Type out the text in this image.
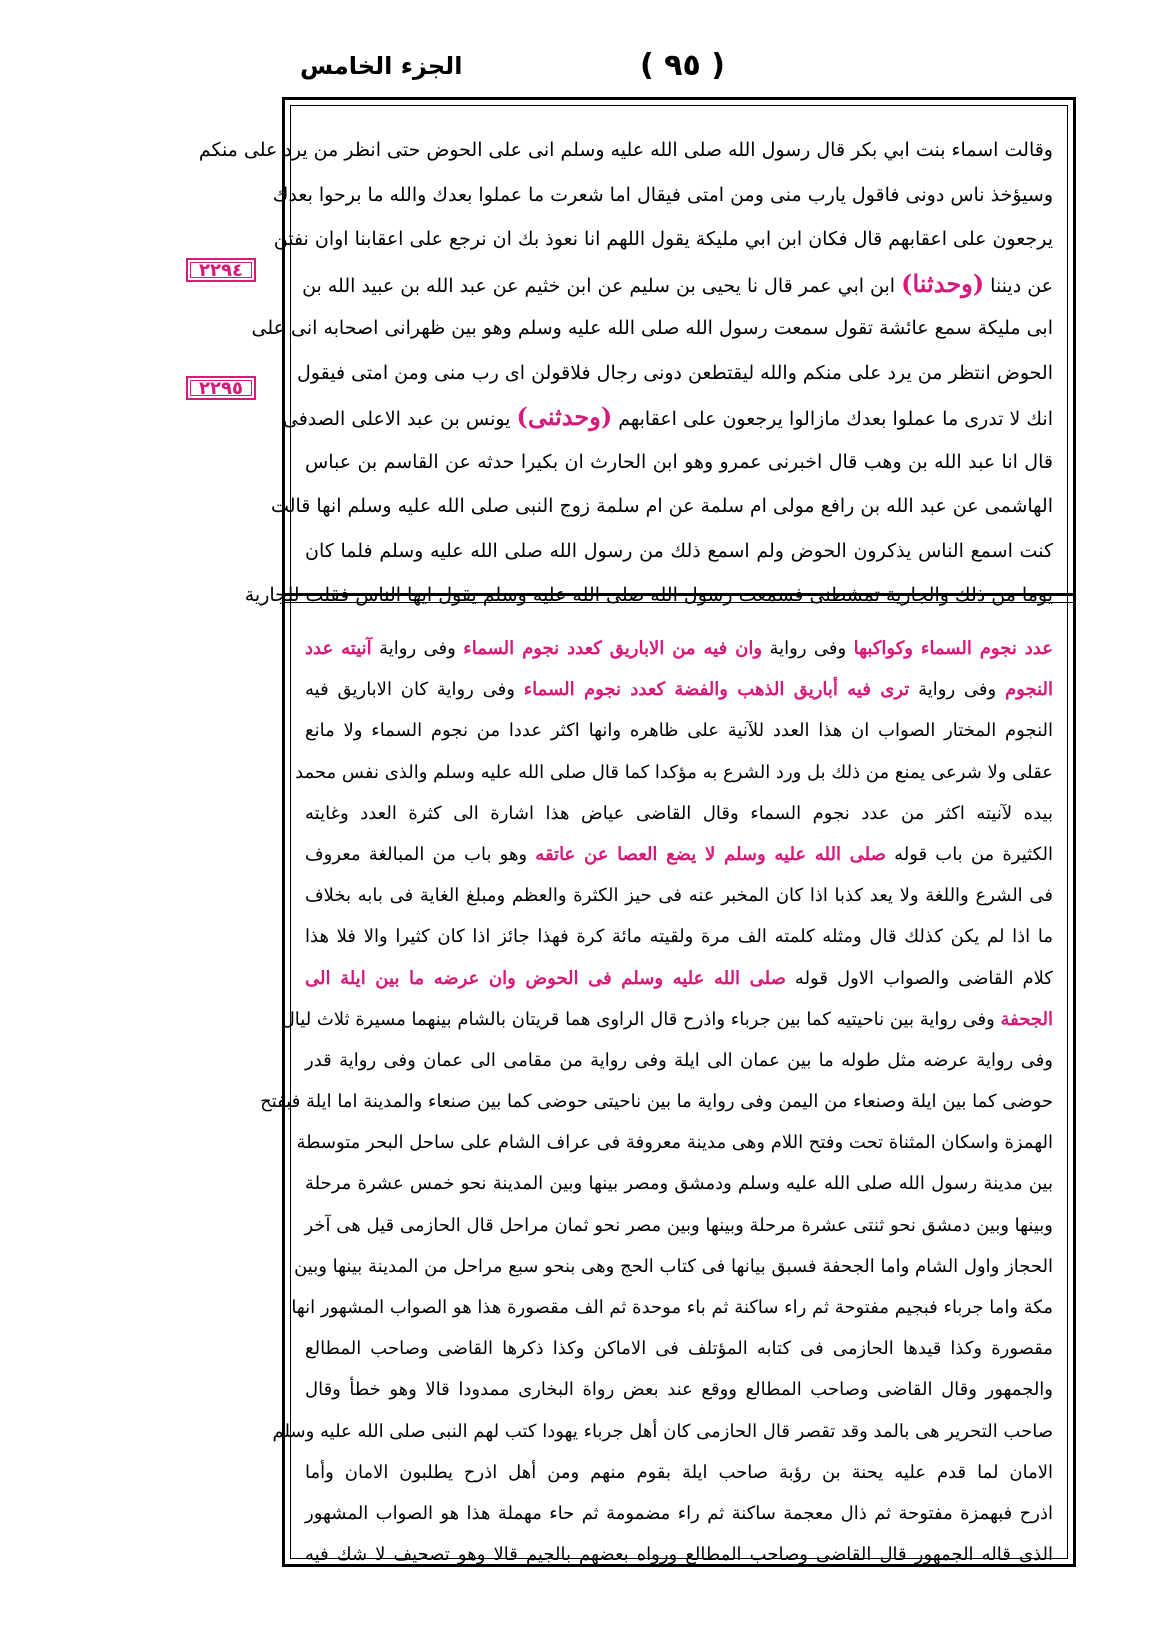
الجزء الخامس	( ٩٥ )
٢٢٩٤
٢٢٩٥
وقالت اسماء بنت ابي بكر قال رسول الله صلى الله عليه وسلم انى على الحوض حتى انظر من يرد على منكم
وسيؤخذ ناس دونى فاقول يارب منى ومن امتى فيقال اما شعرت ما عملوا بعدك والله ما برحوا بعدك
يرجعون على اعقابهم قال فكان ابن ابي مليكة يقول اللهم انا نعوذ بك ان نرجع على اعقابنا اوان نفتن
عن ديننا (وحدثنا) ابن ابي عمر قال نا يحيى بن سليم عن ابن خثيم عن عبد الله بن عبيد الله بن
ابى مليكة سمع عائشة تقول سمعت رسول الله صلى الله عليه وسلم وهو بين ظهرانى اصحابه انى على
الحوض انتظر من يرد على منكم والله ليقتطعن دونى رجال فلاقولن اى رب منى ومن امتى فيقول
انك لا تدرى ما عملوا بعدك مازالوا يرجعون على اعقابهم (وحدثنى) يونس بن عبد الاعلى الصدفى
قال انا عبد الله بن وهب قال اخبرنى عمرو وهو ابن الحارث ان بكيرا حدثه عن القاسم بن عباس
الهاشمى عن عبد الله بن رافع مولى ام سلمة عن ام سلمة زوج النبى صلى الله عليه وسلم انها قالت
كنت اسمع الناس يذكرون الحوض ولم اسمع ذلك من رسول الله صلى الله عليه وسلم فلما كان
يوما من ذلك والجارية تمشطنى فسمعت رسول الله صلى الله عليه وسلم يقول ايها الناس فقلت للجارية
عدد نجوم السماء وكواكبها وفى رواية وان فيه من الاباريق كعدد نجوم السماء وفى رواية آنيته عدد
النجوم وفى رواية ترى فيه أباريق الذهب والفضة كعدد نجوم السماء وفى رواية كان الاباريق فيه
النجوم المختار الصواب ان هذا العدد للآنية على ظاهره وانها اكثر عددا من نجوم السماء ولا مانع
عقلى ولا شرعى يمنع من ذلك بل ورد الشرع به مؤكدا كما قال صلى الله عليه وسلم والذى نفس محمد
بيده لآنيته اكثر من عدد نجوم السماء وقال القاضى عياض هذا اشارة الى كثرة العدد وغايته
الكثيرة من باب قوله صلى الله عليه وسلم لا يضع العصا عن عاتقه وهو باب من المبالغة معروف
فى الشرع واللغة ولا يعد كذبا اذا كان المخبر عنه فى حيز الكثرة والعظم ومبلغ الغاية فى بابه بخلاف
ما اذا لم يكن كذلك قال ومثله كلمته الف مرة ولقيته مائة كرة فهذا جائز اذا كان كثيرا والا فلا هذا
كلام القاضى والصواب الاول قوله صلى الله عليه وسلم فى الحوض وان عرضه ما بين ايلة الى
الجحفة وفى رواية بين ناحيتيه كما بين جرباء واذرح قال الراوى هما قريتان بالشام بينهما مسيرة ثلاث ليال
وفى رواية عرضه مثل طوله ما بين عمان الى ايلة وفى رواية من مقامى الى عمان وفى رواية قدر
حوضى كما بين ايلة وصنعاء من اليمن وفى رواية ما بين ناحيتى حوضى كما بين صنعاء والمدينة اما ايلة فبفتح
الهمزة واسكان المثناة تحت وفتح اللام وهى مدينة معروفة فى عراف الشام على ساحل البحر متوسطة
بين مدينة رسول الله صلى الله عليه وسلم ودمشق ومصر بينها وبين المدينة نحو خمس عشرة مرحلة
وبينها وبين دمشق نحو ثنتى عشرة مرحلة وبينها وبين مصر نحو ثمان مراحل قال الحازمى قيل هى آخر
الحجاز واول الشام واما الجحفة فسبق بيانها فى كتاب الحج وهى بنحو سبع مراحل من المدينة بينها وبين
مكة واما جرباء فبجيم مفتوحة ثم راء ساكنة ثم باء موحدة ثم الف مقصورة هذا هو الصواب المشهور انها
مقصورة وكذا قيدها الحازمى فى كتابه المؤتلف فى الاماكن وكذا ذكرها القاضى وصاحب المطالع
والجمهور وقال القاضى وصاحب المطالع ووقع عند بعض رواة البخارى ممدودا قالا وهو خطأ وقال
صاحب التحرير هى بالمد وقد تقصر قال الحازمى كان أهل جرباء يهودا كتب لهم النبى صلى الله عليه وسلم
الامان لما قدم عليه يحنة بن رؤبة صاحب ايلة بقوم منهم ومن أهل اذرح يطلبون الامان وأما
اذرح فبهمزة مفتوحة ثم ذال معجمة ساكنة ثم راء مضمومة ثم حاء مهملة هذا هو الصواب المشهور
الذى قاله الجمهور قال القاضى وصاحب المطالع ورواه بعضهم بالجيم قالا وهو تصحيف لا شك فيه
